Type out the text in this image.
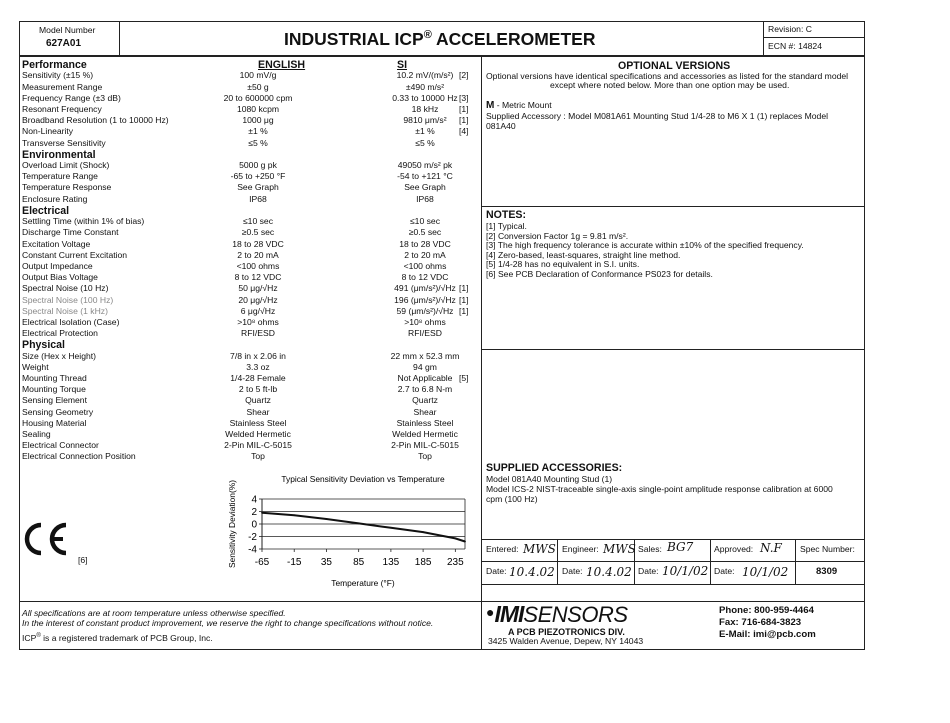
Model Number
627A01	INDUSTRIAL ICP® ACCELEROMETER	Revision: C
ECN #: 14824
ENGLISH	SI
Performance
Sensitivity (±15 %)	100 mV/g	10.2 mV/(m/s²) [2]
Measurement Range	±50 g	±490 m/s²
Frequency Range (±3 dB)	20 to 600000 cpm	0.33 to 10000 Hz [3]
Resonant Frequency	1080 kcpm	18 kHz	[1]
Broadband Resolution (1 to 10000 Hz)	1000 μg	9810 μm/s²	[1]
Non-Linearity	±1 %	±1 %	[4]
Transverse Sensitivity	≤5 %	≤5 %
Environmental
Overload Limit (Shock)	5000 g pk	49050 m/s² pk
Temperature Range	-65 to +250 °F	-54 to +121 °C
Temperature Response	See Graph	See Graph
Enclosure Rating	IP68	IP68
Electrical
Settling Time (within 1% of bias)	≤10 sec	≤10 sec
Discharge Time Constant	≥0.5 sec	≥0.5 sec
Excitation Voltage	18 to 28 VDC	18 to 28 VDC
Constant Current Excitation	2 to 20 mA	2 to 20 mA
Output Impedance	<100 ohms	<100 ohms
Output Bias Voltage	8 to 12 VDC	8 to 12 VDC
Spectral Noise (10 Hz)	50 μg/√Hz	491 (μm/s²)/√Hz [1]
Spectral Noise (100 Hz)	20 μg/√Hz	196 (μm/s²)/√Hz [1]
Spectral Noise (1 kHz)	6 μg/√Hz	59 (μm/s²)/√Hz [1]
Electrical Isolation (Case)	>10⁸ ohms	>10⁸ ohms
Electrical Protection	RFI/ESD	RFI/ESD
Physical
Size (Hex x Height)	7/8 in x 2.06 in	22 mm x 52.3 mm
Weight	3.3 oz	94 gm
Mounting Thread	1/4-28 Female	Not Applicable [5]
Mounting Torque	2 to 5 ft-lb	2.7 to 6.8 N-m
Sensing Element	Quartz	Quartz
Sensing Geometry	Shear	Shear
Housing Material	Stainless Steel	Stainless Steel
Sealing	Welded Hermetic	Welded Hermetic
Electrical Connector	2-Pin MIL-C-5015	2-Pin MIL-C-5015
Electrical Connection Position	Top	Top
OPTIONAL VERSIONS
Optional versions have identical specifications and accessories as listed for the standard model
except where noted below. More than one option may be used.
M - Metric Mount
Supplied Accessory : Model M081A61 Mounting Stud 1/4-28 to M6 X 1 (1) replaces Model
081A40
NOTES:
[1] Typical.
[2] Conversion Factor 1g = 9.81 m/s².
[3] The high frequency tolerance is accurate within ±10% of the specified frequency.
[4] Zero-based, least-squares, straight line method.
[5] 1/4-28 has no equivalent in S.I. units.
[6] See PCB Declaration of Conformance PS023 for details.
SUPPLIED ACCESSORIES:
Model 081A40 Mounting Stud (1)
Model ICS-2 NIST-traceable single-axis single-point amplitude response calibration at 6000
cpm (100 Hz)
Entered: MWS Engineer: MWS Sales: BG7 Approved: N.F Spec Number:
Date: 10.4.02 Date: 10.4.02 Date: 10/1/02 Date: 10/1/02	8309
[6]
4
2
0
-2
-4
-65 -15 35 85 135 185 235
Typical Sensitivity Deviation vs Temperature
Temperature (°F)
Sensitivity Deviation(%)
All specifications are at room temperature unless otherwise specified.
In the interest of constant product improvement, we reserve the right to change specifications without notice.
ICP® is a registered trademark of PCB Group, Inc.
●IMISENSORS
A PCB PIEZOTRONICS DIV.
3425 Walden Avenue, Depew, NY 14043
Phone: 800-959-4464
Fax: 716-684-3823
E-Mail: imi@pcb.com
